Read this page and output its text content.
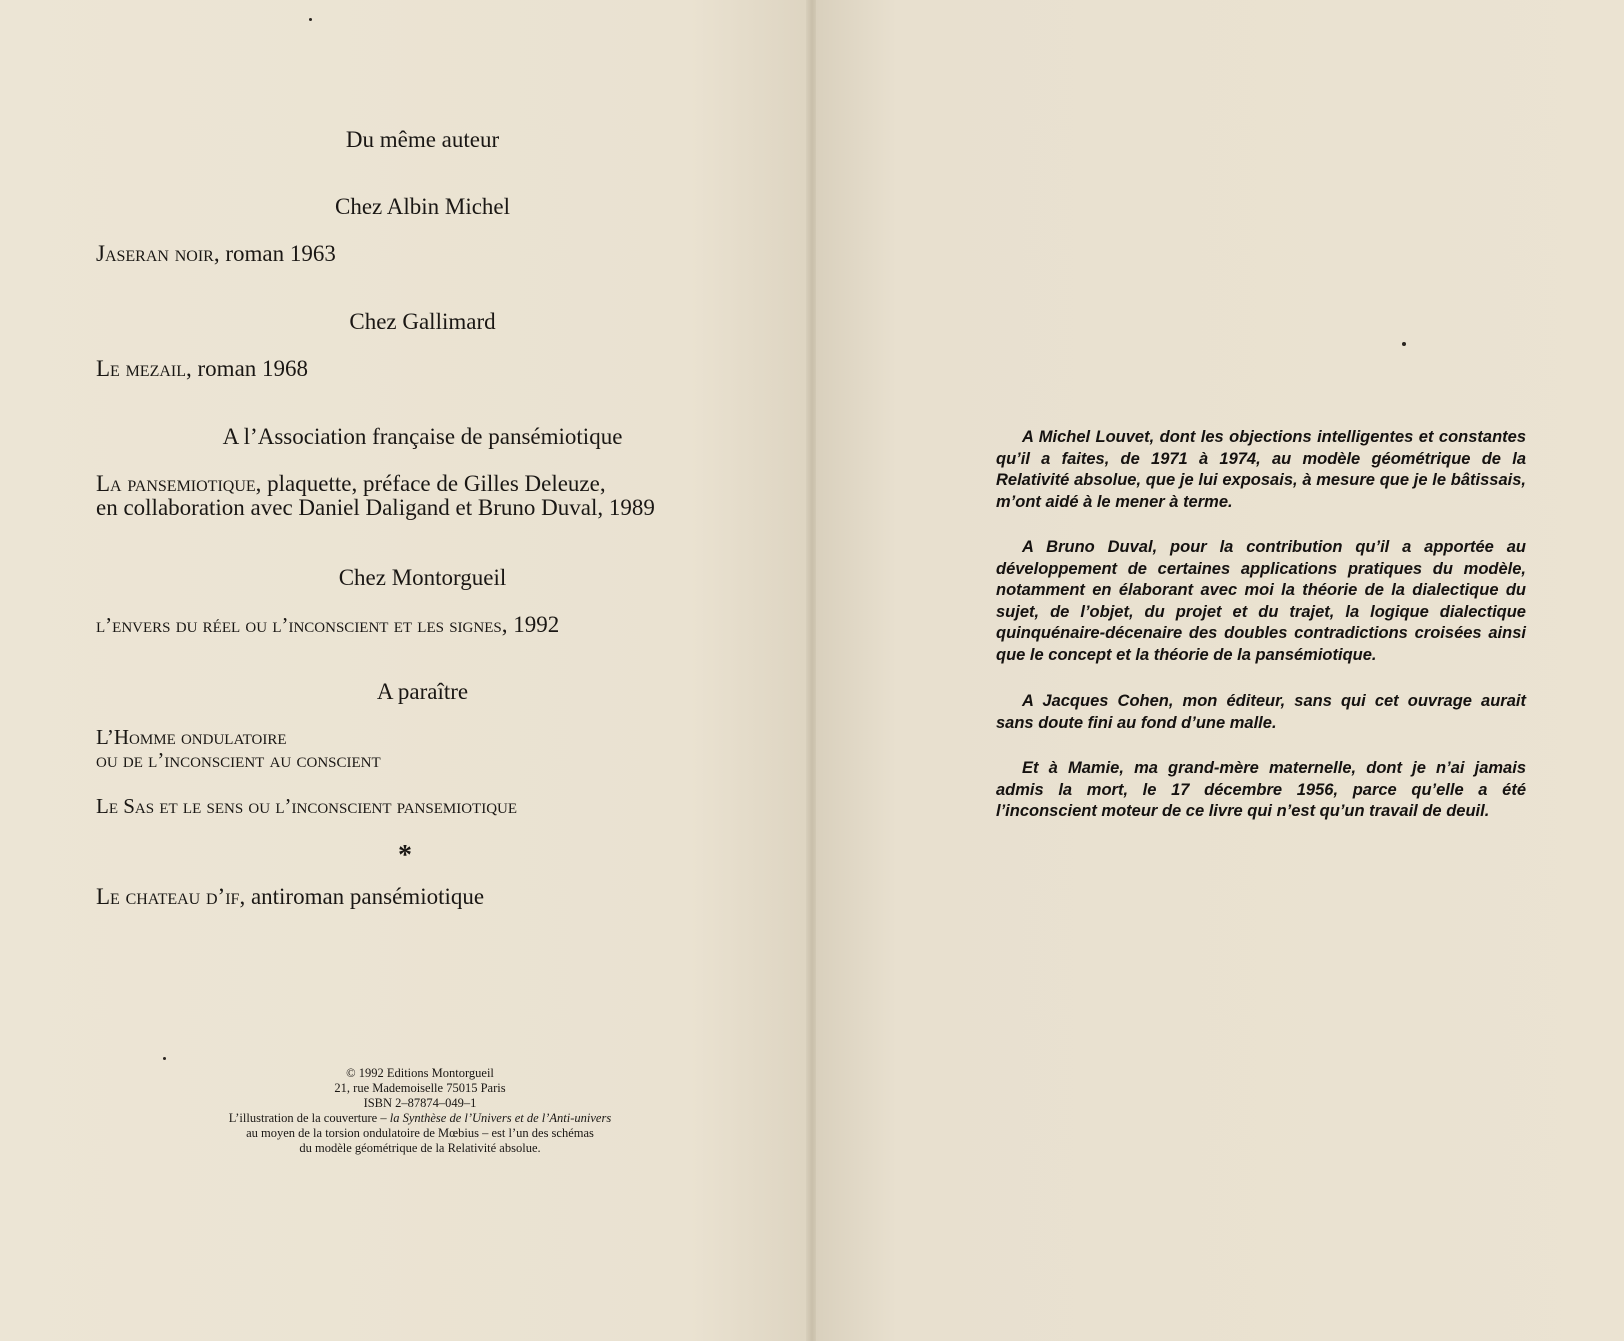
Du même auteur
Chez Albin Michel
Jaseran noir, roman 1963
Chez Gallimard
Le mezail, roman 1968
A l’Association française de pansémiotique
La pansemiotique, plaquette, préface de Gilles Deleuze,
en collaboration avec Daniel Daligand et Bruno Duval, 1989
Chez Montorgueil
l’envers du réel ou l’inconscient et les signes, 1992
A paraître
L’Homme ondulatoire
ou de l’inconscient au conscient
Le Sas et le sens ou l’inconscient pansemiotique
*
Le chateau d’if, antiroman pansémiotique
© 1992 Editions Montorgueil
21, rue Mademoiselle 75015 Paris
ISBN 2–87874–049–1
L’illustration de la couverture – la Synthèse de l’Univers et de l’Anti-univers
au moyen de la torsion ondulatoire de Mœbius – est l’un des schémas
du modèle géométrique de la Relativité absolue.
A Michel Louvet, dont les objections intelligentes et constantes qu’il a faites, de 1971 à 1974, au modèle géométrique de la Relativité absolue, que je lui exposais, à mesure que je le bâtissais, m’ont aidé à le mener à terme.
A Bruno Duval, pour la contribution qu’il a apportée au développement de certaines applications pratiques du modèle, notamment en élaborant avec moi la théorie de la dialectique du sujet, de l’objet, du projet et du trajet, la logique dialectique quinquénaire-décenaire des doubles contradictions croisées ainsi que le concept et la théorie de la pansémiotique.
A Jacques Cohen, mon éditeur, sans qui cet ouvrage aurait sans doute fini au fond d’une malle.
Et à Mamie, ma grand-mère maternelle, dont je n’ai jamais admis la mort, le 17 décembre 1956, parce qu’elle a été l’inconscient moteur de ce livre qui n’est qu’un travail de deuil.
